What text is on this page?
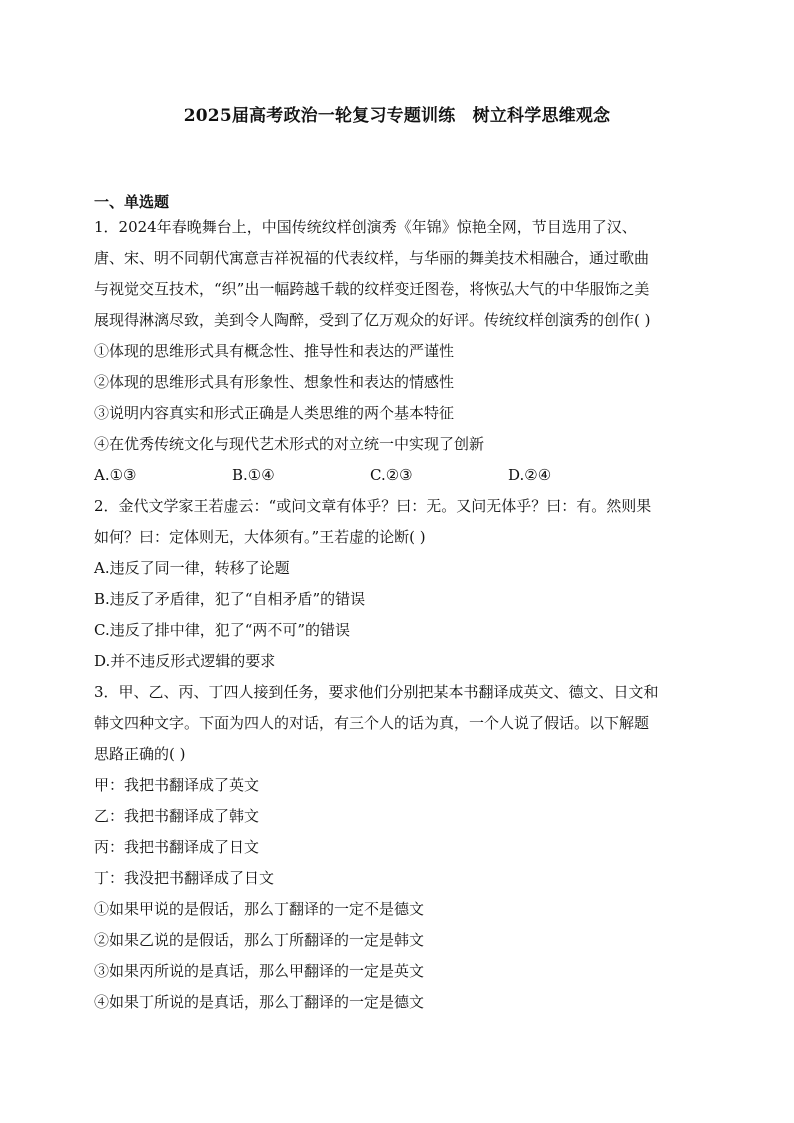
2025届高考政治一轮复习专题训练　树立科学思维观念
一、单选题
1．2024年春晚舞台上，中国传统纹样创演秀《年锦》惊艳全网，节目选用了汉、
唐、宋、明不同朝代寓意吉祥祝福的代表纹样，与华丽的舞美技术相融合，通过歌曲
与视觉交互技术，“织”出一幅跨越千载的纹样变迁图卷，将恢弘大气的中华服饰之美
展现得淋漓尽致，美到令人陶醉，受到了亿万观众的好评。传统纹样创演秀的创作( )
①体现的思维形式具有概念性、推导性和表达的严谨性
②体现的思维形式具有形象性、想象性和表达的情感性
③说明内容真实和形式正确是人类思维的两个基本特征
④在优秀传统文化与现代艺术形式的对立统一中实现了创新
A.①③	B.①④	C.②③	D.②④
2．金代文学家王若虚云：“或问文章有体乎？曰：无。又问无体乎？曰：有。然则果
如何？曰：定体则无，大体须有。”王若虚的论断( )
A.违反了同一律，转移了论题
B.违反了矛盾律，犯了“自相矛盾”的错误
C.违反了排中律，犯了“两不可”的错误
D.并不违反形式逻辑的要求
3．甲、乙、丙、丁四人接到任务，要求他们分别把某本书翻译成英文、德文、日文和
韩文四种文字。下面为四人的对话，有三个人的话为真，一个人说了假话。以下解题
思路正确的( )
甲：我把书翻译成了英文
乙：我把书翻译成了韩文
丙：我把书翻译成了日文
丁：我没把书翻译成了日文
①如果甲说的是假话，那么丁翻译的一定不是德文
②如果乙说的是假话，那么丁所翻译的一定是韩文
③如果丙所说的是真话，那么甲翻译的一定是英文
④如果丁所说的是真话，那么丁翻译的一定是德文
